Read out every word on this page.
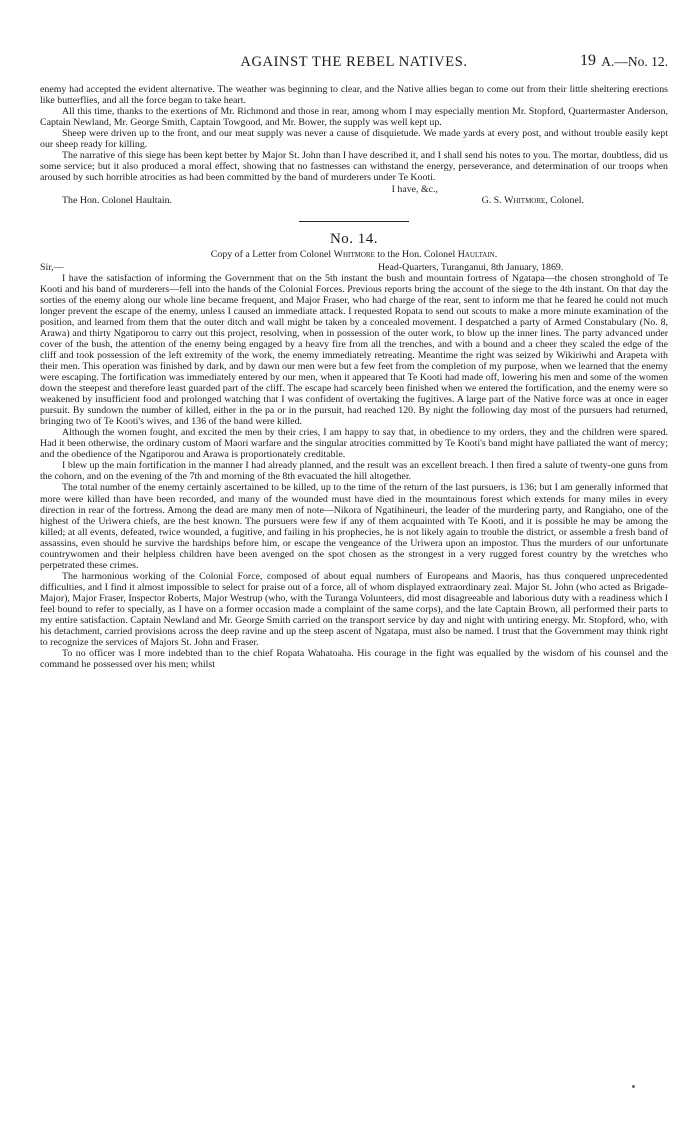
AGAINST THE REBEL NATIVES.	19 A.—No. 12.

enemy had accepted the evident alternative. The weather was beginning to clear, and the Native allies began to come out from their little sheltering erections like butterflies, and all the force began to take heart.

All this time, thanks to the exertions of Mr. Richmond and those in rear, among whom I may especially mention Mr. Stopford, Quartermaster Anderson, Captain Newland, Mr. George Smith, Captain Towgood, and Mr. Bower, the supply was well kept up.

Sheep were driven up to the front, and our meat supply was never a cause of disquietude. We made yards at every post, and without trouble easily kept our sheep ready for killing.

The narrative of this siege has been kept better by Major St. John than I have described it, and I shall send his notes to you. The mortar, doubtless, did us some service; but it also produced a moral effect, showing that no fastnesses can withstand the energy, perseverance, and determination of our troops when aroused by such horrible atrocities as had been committed by the band of murderers under Te Kooti.

I have, &c.,

The Hon. Colonel Haultain.	G. S. Whitmore, Colonel.
No. 14.
Copy of a Letter from Colonel Whitmore to the Hon. Colonel Haultain.
Sir,—	Head-Quarters, Turanganui, 8th January, 1869.

I have the satisfaction of informing the Government that on the 5th instant the bush and mountain fortress of Ngatapa—the chosen stronghold of Te Kooti and his band of murderers—fell into the hands of the Colonial Forces. Previous reports bring the account of the siege to the 4th instant. On that day the sorties of the enemy along our whole line became frequent, and Major Fraser, who had charge of the rear, sent to inform me that he feared he could not much longer prevent the escape of the enemy, unless I caused an immediate attack. I requested Ropata to send out scouts to make a more minute examination of the position, and learned from them that the outer ditch and wall might be taken by a concealed movement. I despatched a party of Armed Constabulary (No. 8, Arawa) and thirty Ngatiporou to carry out this project, resolving, when in possession of the outer work, to blow up the inner lines. The party advanced under cover of the bush, the attention of the enemy being engaged by a heavy fire from all the trenches, and with a bound and a cheer they scaled the edge of the cliff and took possession of the left extremity of the work, the enemy immediately retreating. Meantime the right was seized by Wikiriwhi and Arapeta with their men. This operation was finished by dark, and by dawn our men were but a few feet from the completion of my purpose, when we learned that the enemy were escaping. The fortification was immediately entered by our men, when it appeared that Te Kooti had made off, lowering his men and some of the women down the steepest and therefore least guarded part of the cliff. The escape had scarcely been finished when we entered the fortification, and the enemy were so weakened by insufficient food and prolonged watching that I was confident of overtaking the fugitives. A large part of the Native force was at once in eager pursuit. By sundown the number of killed, either in the pa or in the pursuit, had reached 120. By night the following day most of the pursuers had returned, bringing two of Te Kooti's wives, and 136 of the band were killed.

Although the women fought, and excited the men by their cries, I am happy to say that, in obedience to my orders, they and the children were spared. Had it been otherwise, the ordinary custom of Maori warfare and the singular atrocities committed by Te Kooti's band might have palliated the want of mercy; and the obedience of the Ngatiporou and Arawa is proportionately creditable.

I blew up the main fortification in the manner I had already planned, and the result was an excellent breach. I then fired a salute of twenty-one guns from the cohorn, and on the evening of the 7th and morning of the 8th evacuated the hill altogether.

The total number of the enemy certainly ascertained to be killed, up to the time of the return of the last pursuers, is 136; but I am generally informed that more were killed than have been recorded, and many of the wounded must have died in the mountainous forest which extends for many miles in every direction in rear of the fortress. Among the dead are many men of note—Nikora of Ngatihineuri, the leader of the murdering party, and Rangiaho, one of the highest of the Uriwera chiefs, are the best known. The pursuers were few if any of them acquainted with Te Kooti, and it is possible he may be among the killed; at all events, defeated, twice wounded, a fugitive, and failing in his prophecies, he is not likely again to trouble the district, or assemble a fresh band of assassins, even should he survive the hardships before him, or escape the vengeance of the Uriwera upon an impostor. Thus the murders of our unfortunate countrywomen and their helpless children have been avenged on the spot chosen as the strongest in a very rugged forest country by the wretches who perpetrated these crimes.

The harmonious working of the Colonial Force, composed of about equal numbers of Europeans and Maoris, has thus conquered unprecedented difficulties, and I find it almost impossible to select for praise out of a force, all of whom displayed extraordinary zeal. Major St. John (who acted as Brigade-Major), Major Fraser, Inspector Roberts, Major Westrup (who, with the Turanga Volunteers, did most disagreeable and laborious duty with a readiness which I feel bound to refer to specially, as I have on a former occasion made a complaint of the same corps), and the late Captain Brown, all performed their parts to my entire satisfaction. Captain Newland and Mr. George Smith carried on the transport service by day and night with untiring energy. Mr. Stopford, who, with his detachment, carried provisions across the deep ravine and up the steep ascent of Ngatapa, must also be named. I trust that the Government may think right to recognize the services of Majors St. John and Fraser.

To no officer was I more indebted than to the chief Ropata Wahatoaha. His courage in the fight was equalled by the wisdom of his counsel and the command he possessed over his men; whilst
